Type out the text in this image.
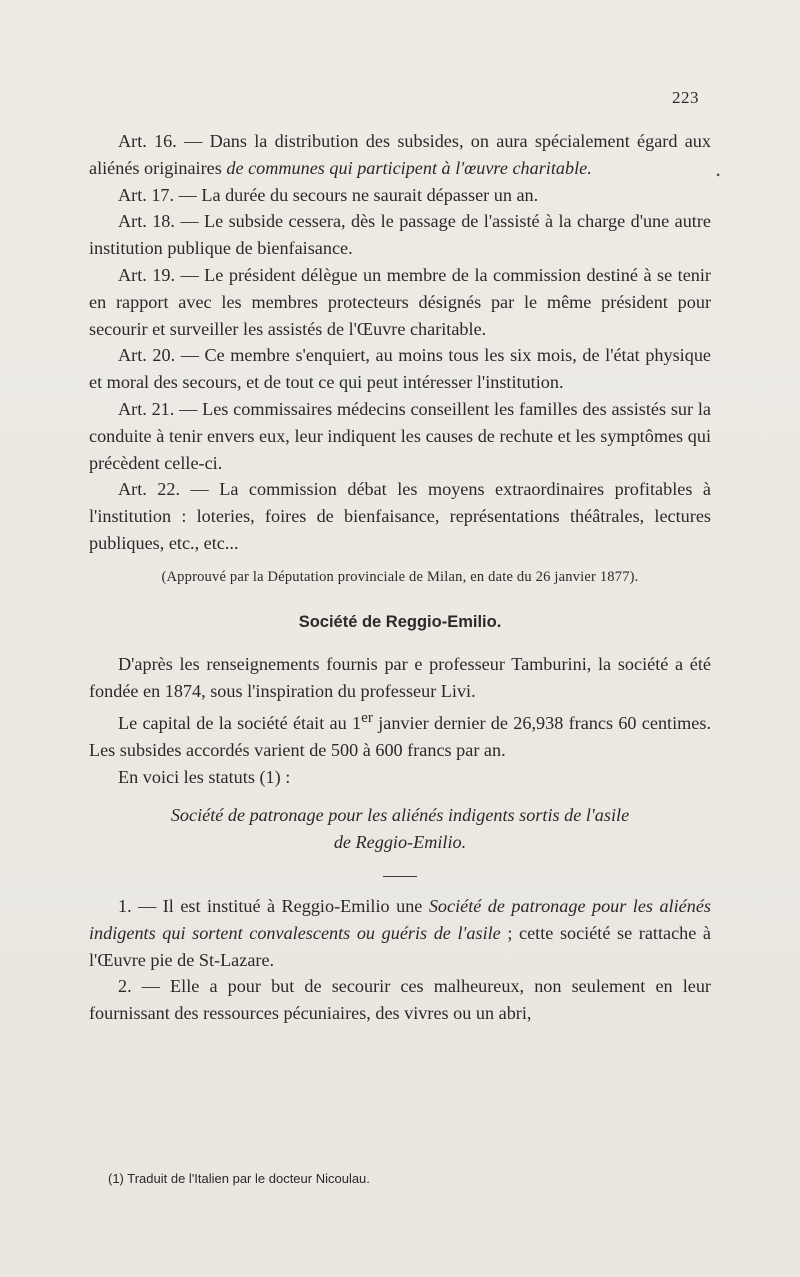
223
•

Art. 16. — Dans la distribution des subsides, on aura spécialement égard aux aliénés originaires de communes qui participent à l'œuvre charitable.

Art. 17. — La durée du secours ne saurait dépasser un an.

Art. 18. — Le subside cessera, dès le passage de l'assisté à la charge d'une autre institution publique de bienfaisance.

Art. 19. — Le président délègue un membre de la commission destiné à se tenir en rapport avec les membres protecteurs désignés par le même président pour secourir et surveiller les assistés de l'Œuvre charitable.

Art. 20. — Ce membre s'enquiert, au moins tous les six mois, de l'état physique et moral des secours, et de tout ce qui peut intéresser l'institution.

Art. 21. — Les commissaires médecins conseillent les familles des assistés sur la conduite à tenir envers eux, leur indiquent les causes de rechute et les symptômes qui précèdent celle-ci.

Art. 22. — La commission débat les moyens extraordinaires profitables à l'institution : loteries, foires de bienfaisance, représentations théâtrales, lectures publiques, etc., etc...

(Approuvé par la Députation provinciale de Milan, en date du 26 janvier 1877).

Société de Reggio-Emilio.

D'après les renseignements fournis par e professeur Tamburini, la société a été fondée en 1874, sous l'inspiration du professeur Livi.

Le capital de la société était au 1er janvier dernier de 26,938 francs 60 centimes. Les subsides accordés varient de 500 à 600 francs par an.

En voici les statuts (1) :

Société de patronage pour les aliénés indigents sortis de l'asile
de Reggio-Emilio.

1. — Il est institué à Reggio-Emilio une Société de patronage pour les aliénés indigents qui sortent convalescents ou guéris de l'asile ; cette société se rattache à l'Œuvre pie de St-Lazare.

2. — Elle a pour but de secourir ces malheureux, non seulement en leur fournissant des ressources pécuniaires, des vivres ou un abri,

(1) Traduit de l'Italien par le docteur Nicoulau.
